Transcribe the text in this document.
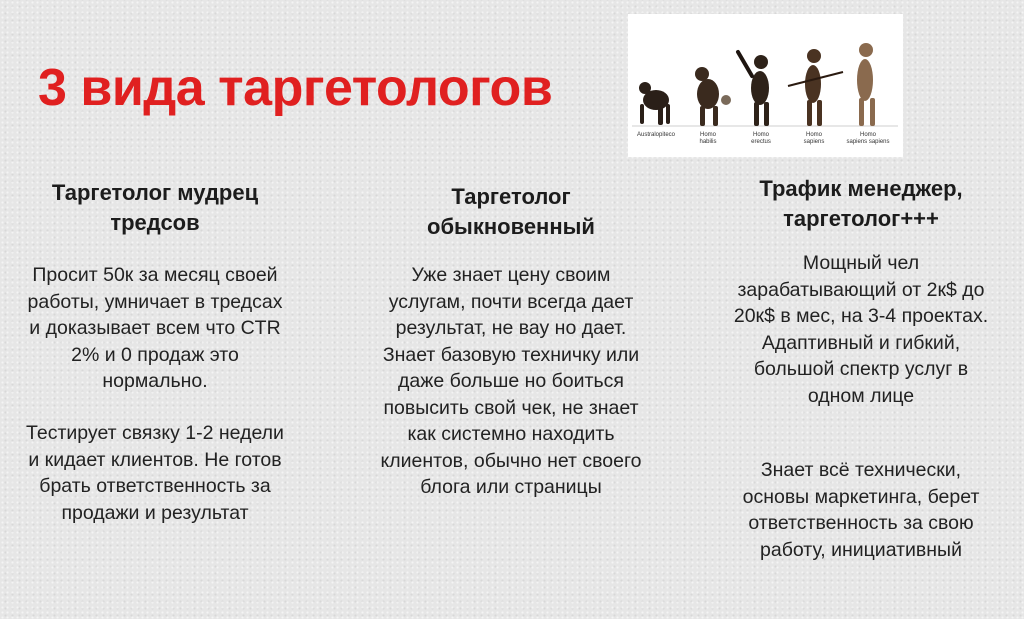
3 вида таргетологов
Australopiteco	Homo
habilis
Homo
erectus
Homo
sapiens
Homo
sapiens sapiens
Таргетолог мудрец тредсов
Просит 50к за месяц своей работы, умничает в тредсах и доказывает всем что CTR 2% и 0 продаж это нормально.
Тестирует связку 1-2 недели и кидает клиентов. Не готов брать ответственность за продажи и результат
Таргетолог обыкновенный
Уже знает цену своим услугам, почти всегда дает результат, не вау но дает. Знает базовую техничку или даже больше но боиться повысить свой чек, не знает как системно находить клиентов, обычно нет своего блога или страницы
Трафик менеджер, таргетолог+++
Мощный чел зарабатывающий от 2к$ до 20к$ в мес, на 3-4 проектах. Адаптивный и гибкий, большой спектр услуг в одном лице
Знает всё технически, основы маркетинга, берет ответственность за свою работу, инициативный
